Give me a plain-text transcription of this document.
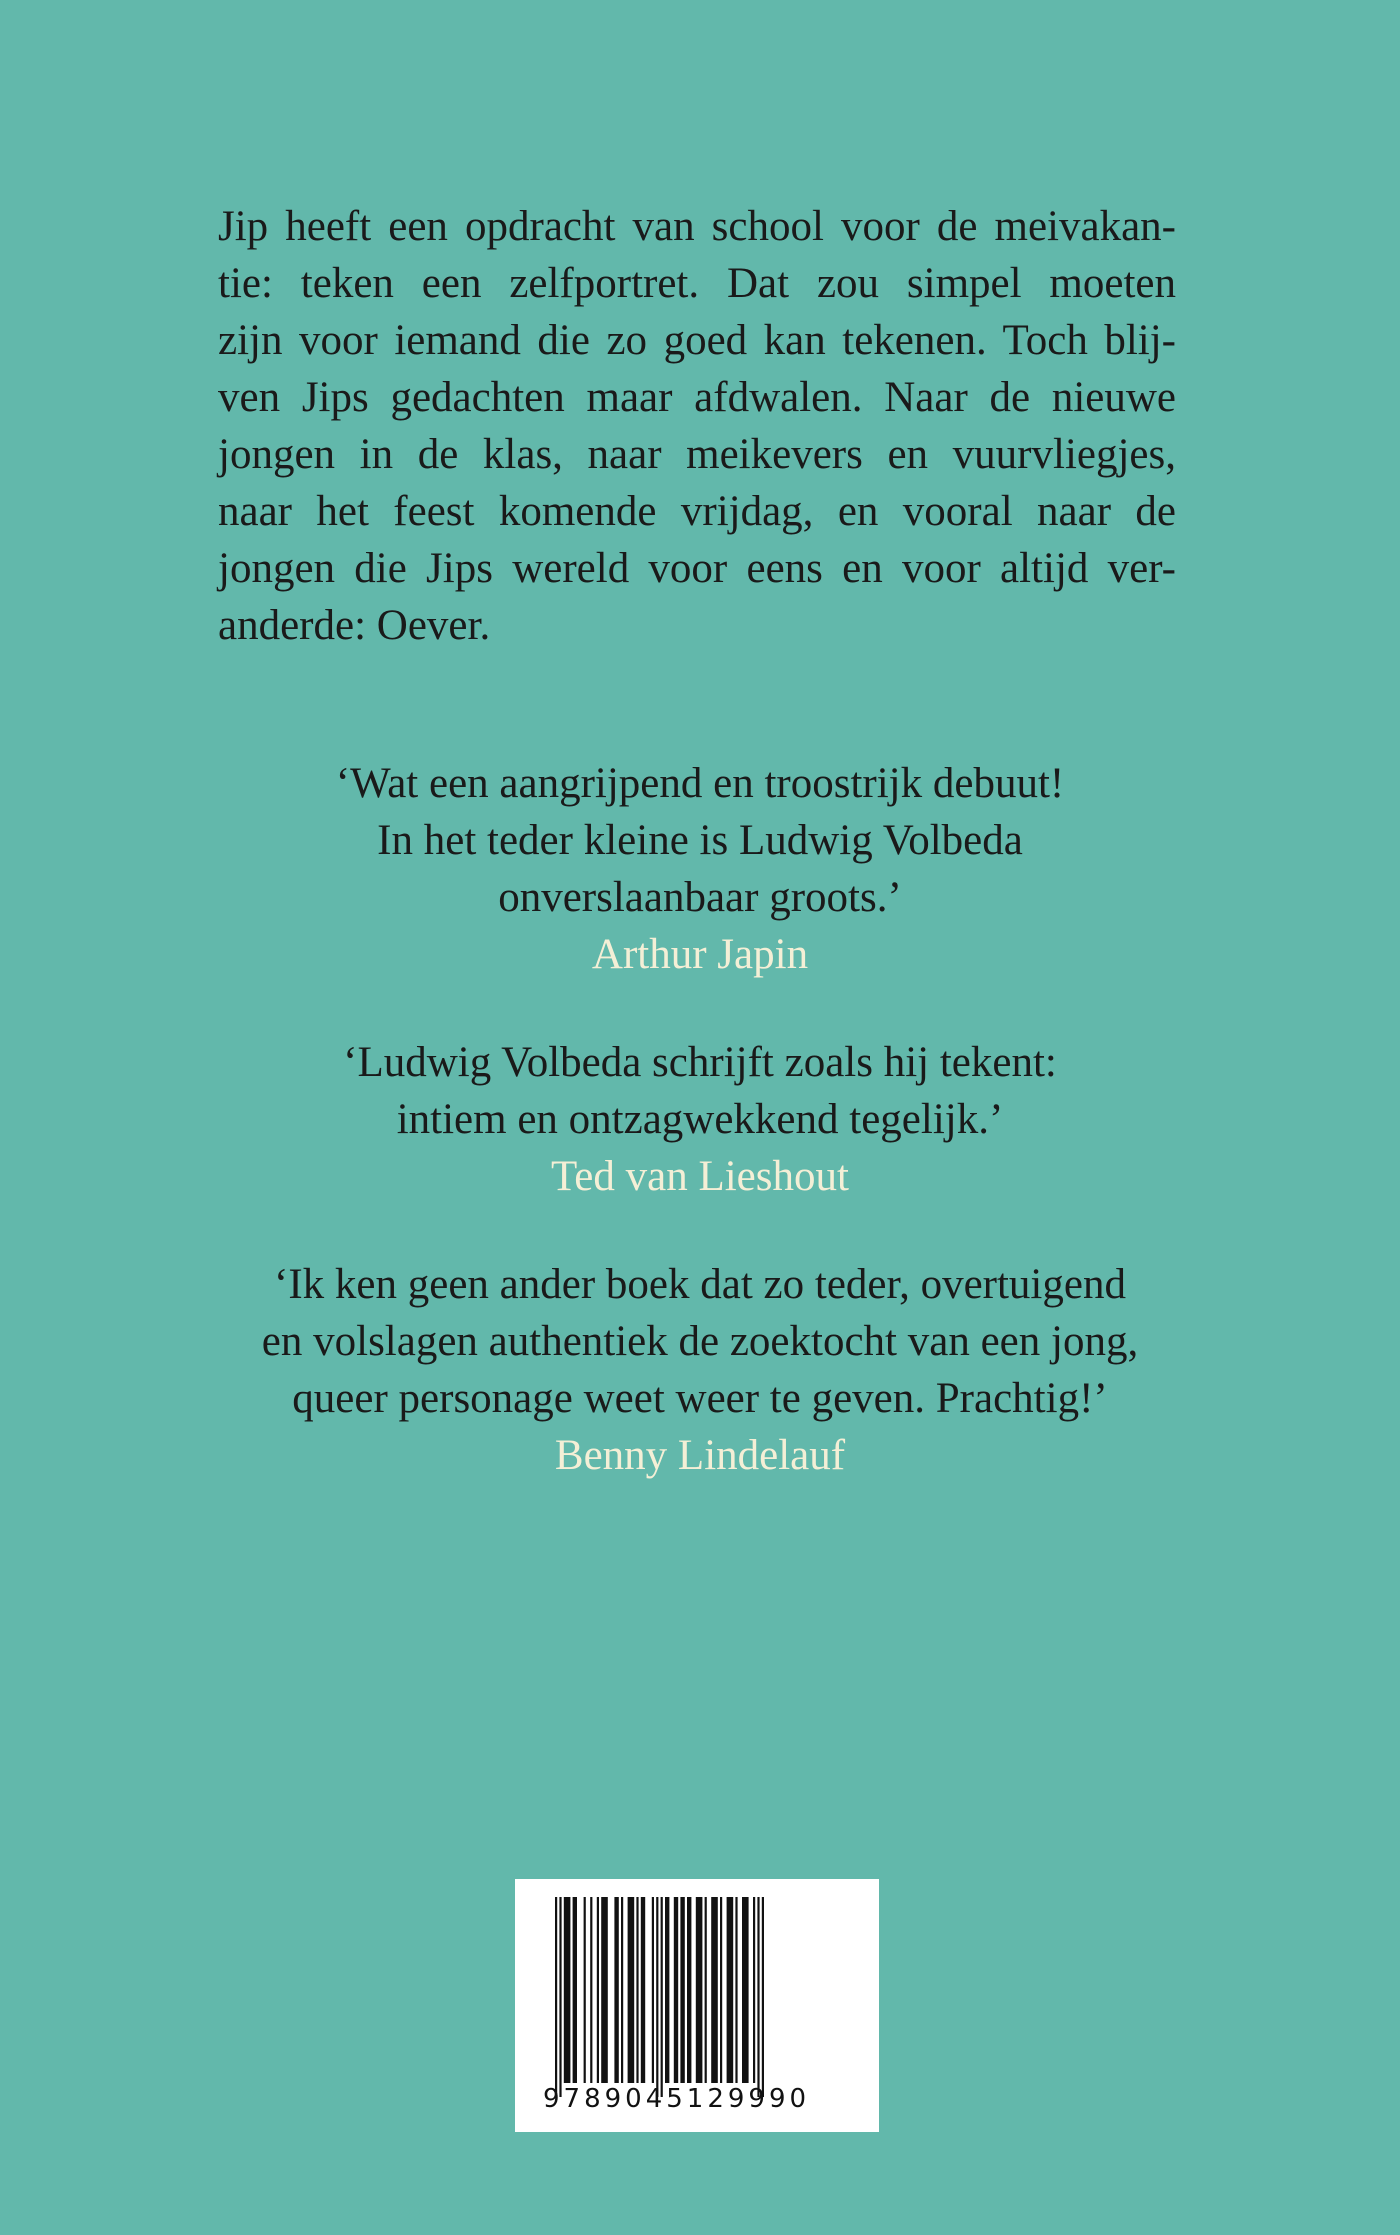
Jip heeft een opdracht van school voor de meivakan-
tie: teken een zelfportret. Dat zou simpel moeten
zijn voor iemand die zo goed kan tekenen. Toch blij-
ven Jips gedachten maar afdwalen. Naar de nieuwe
jongen in de klas, naar meikevers en vuurvliegjes,
naar het feest komende vrijdag, en vooral naar de
jongen die Jips wereld voor eens en voor altijd ver-
anderde: Oever.
‘Wat een aangrijpend en troostrijk debuut!
In het teder kleine is Ludwig Volbeda
onverslaanbaar groots.’
Arthur Japin
‘Ludwig Volbeda schrijft zoals hij tekent:
intiem en ontzagwekkend tegelijk.’
Ted van Lieshout
‘Ik ken geen ander boek dat zo teder, overtuigend
en volslagen authentiek de zoektocht van een jong,
queer personage weet weer te geven. Prachtig!’
Benny Lindelauf
9789045129990
